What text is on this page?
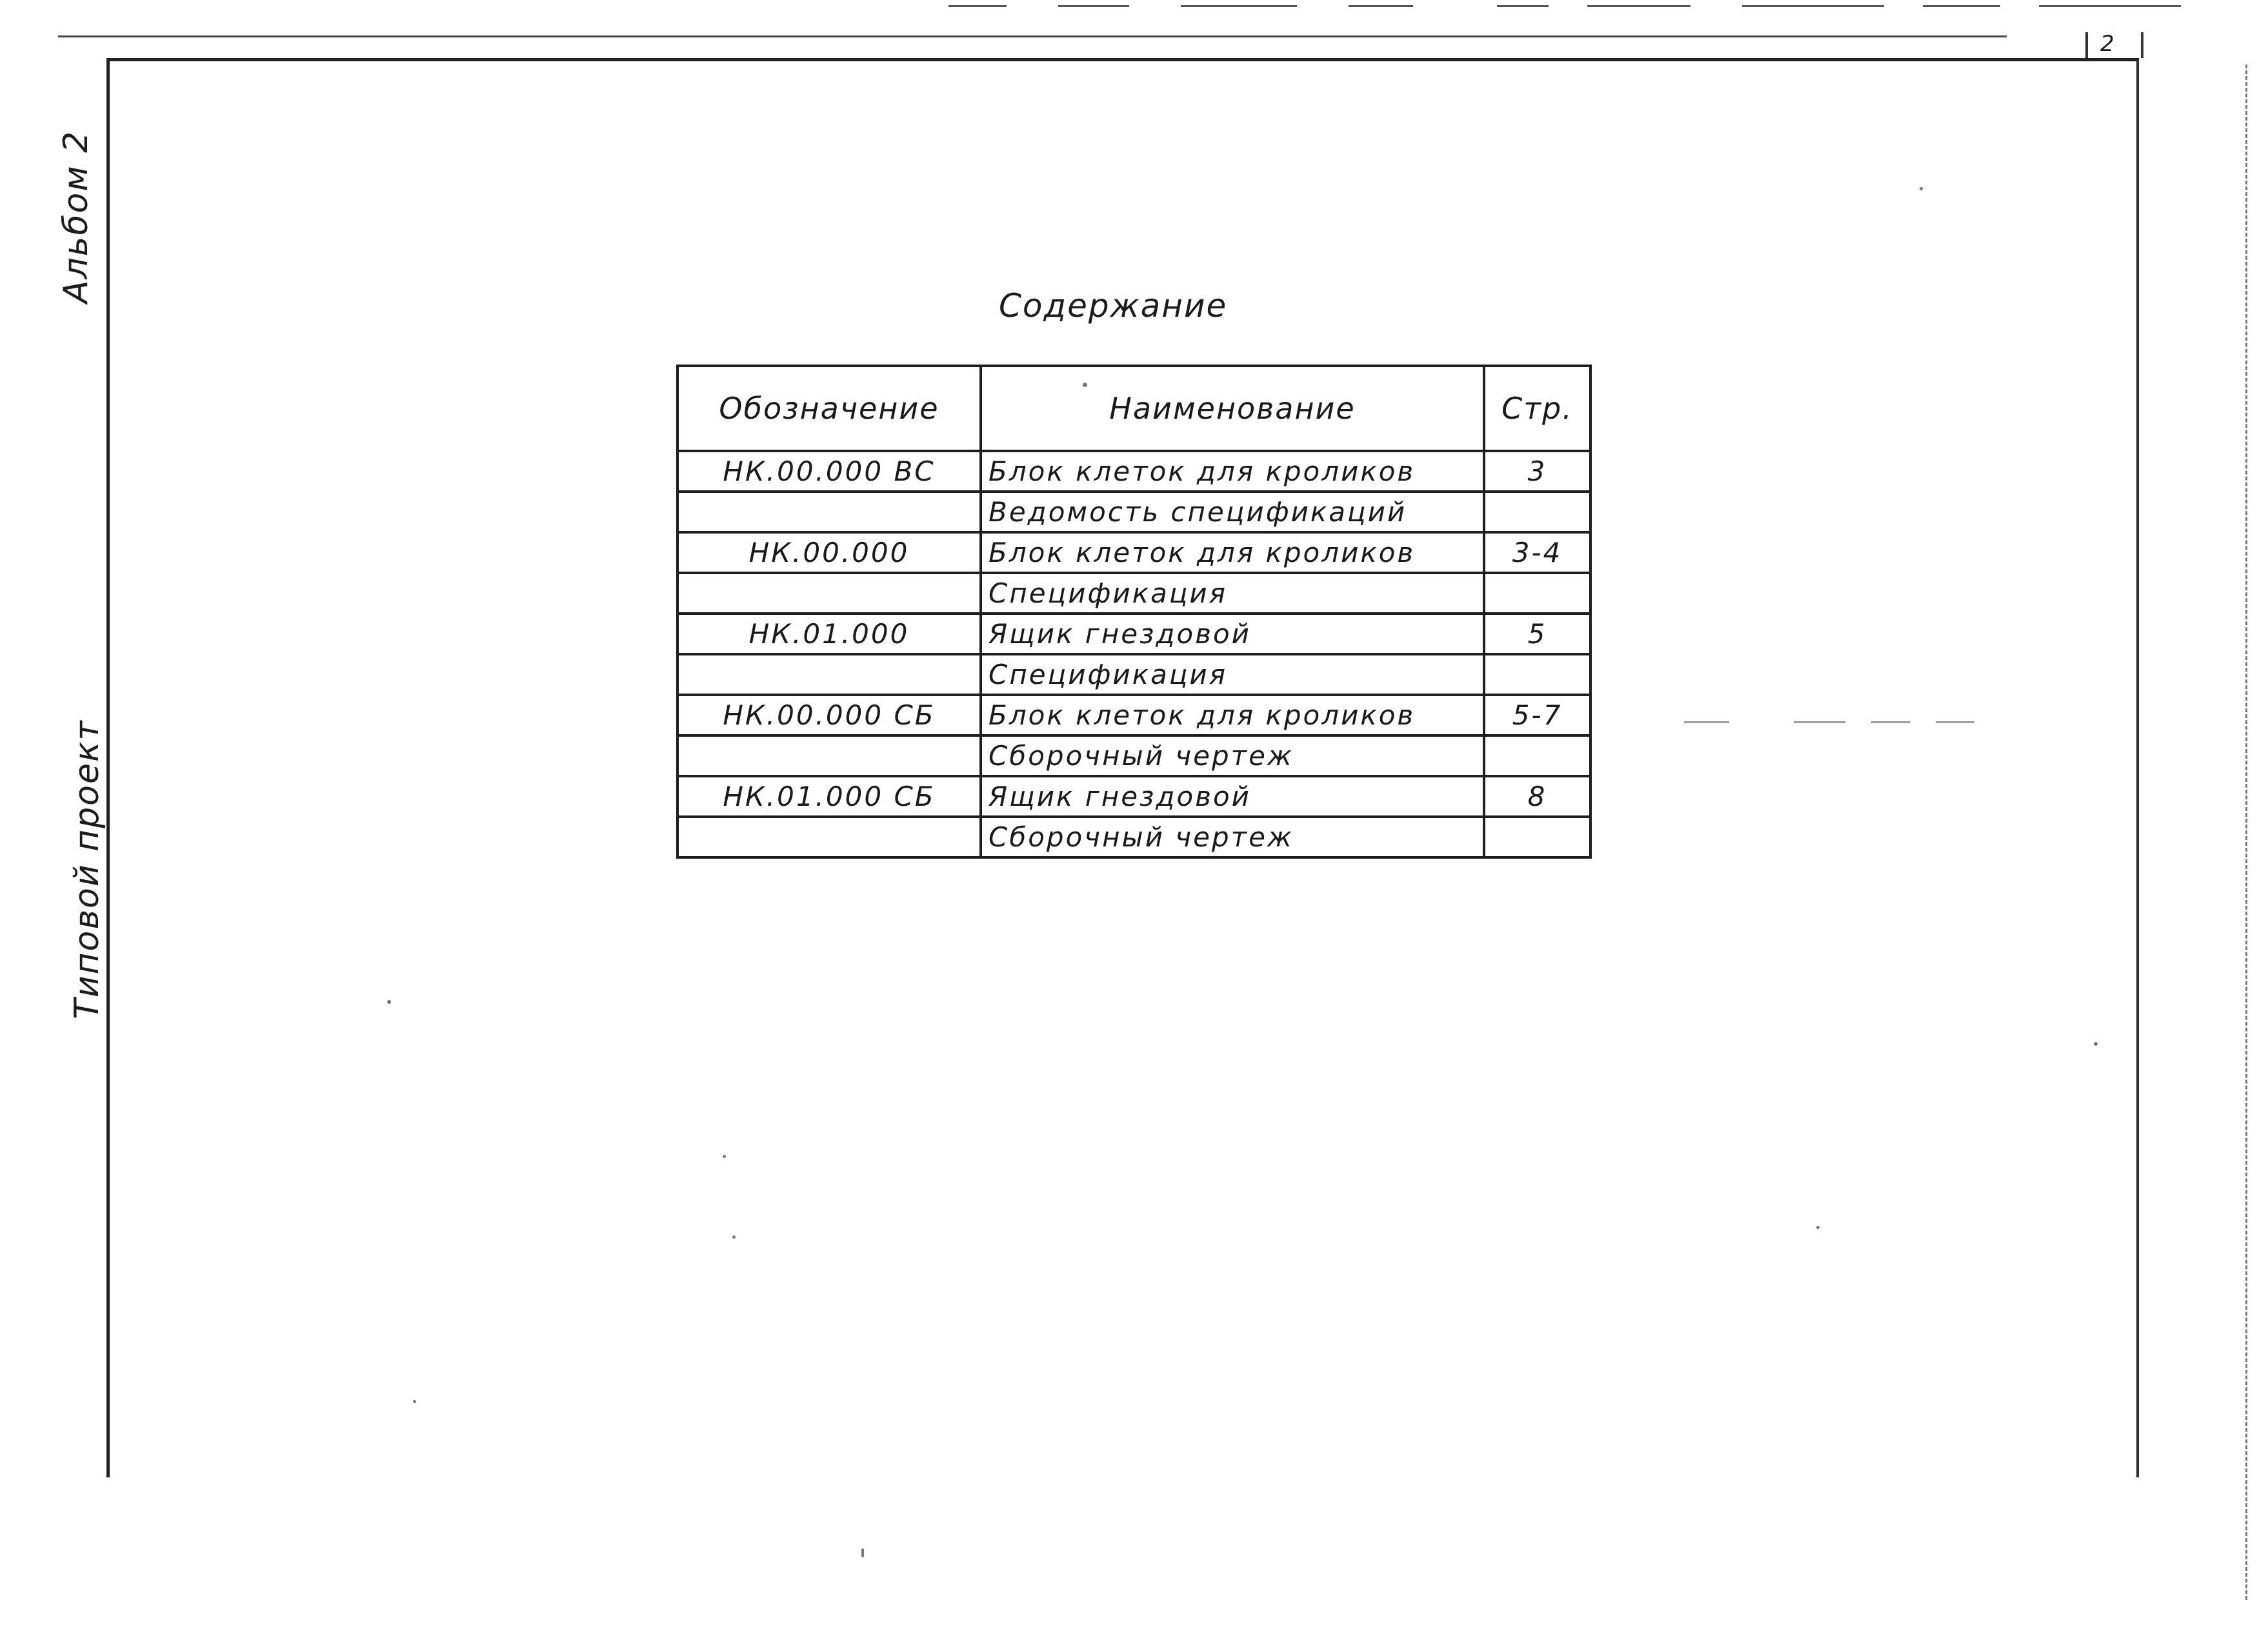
2
Альбом 2
Типовой проект
Содержание
Обозначение	Наименование	Стр.
НК.00.000 ВС	Блок клеток для кроликов	3
	Ведомость спецификаций	
НК.00.000	Блок клеток для кроликов	3-4
	Спецификация	
НК.01.000	Ящик гнездовой	5
	Спецификация	
НК.00.000 СБ	Блок клеток для кроликов	5-7
	Сборочный чертеж	
НК.01.000 СБ	Ящик гнездовой	8
	Сборочный чертеж	
